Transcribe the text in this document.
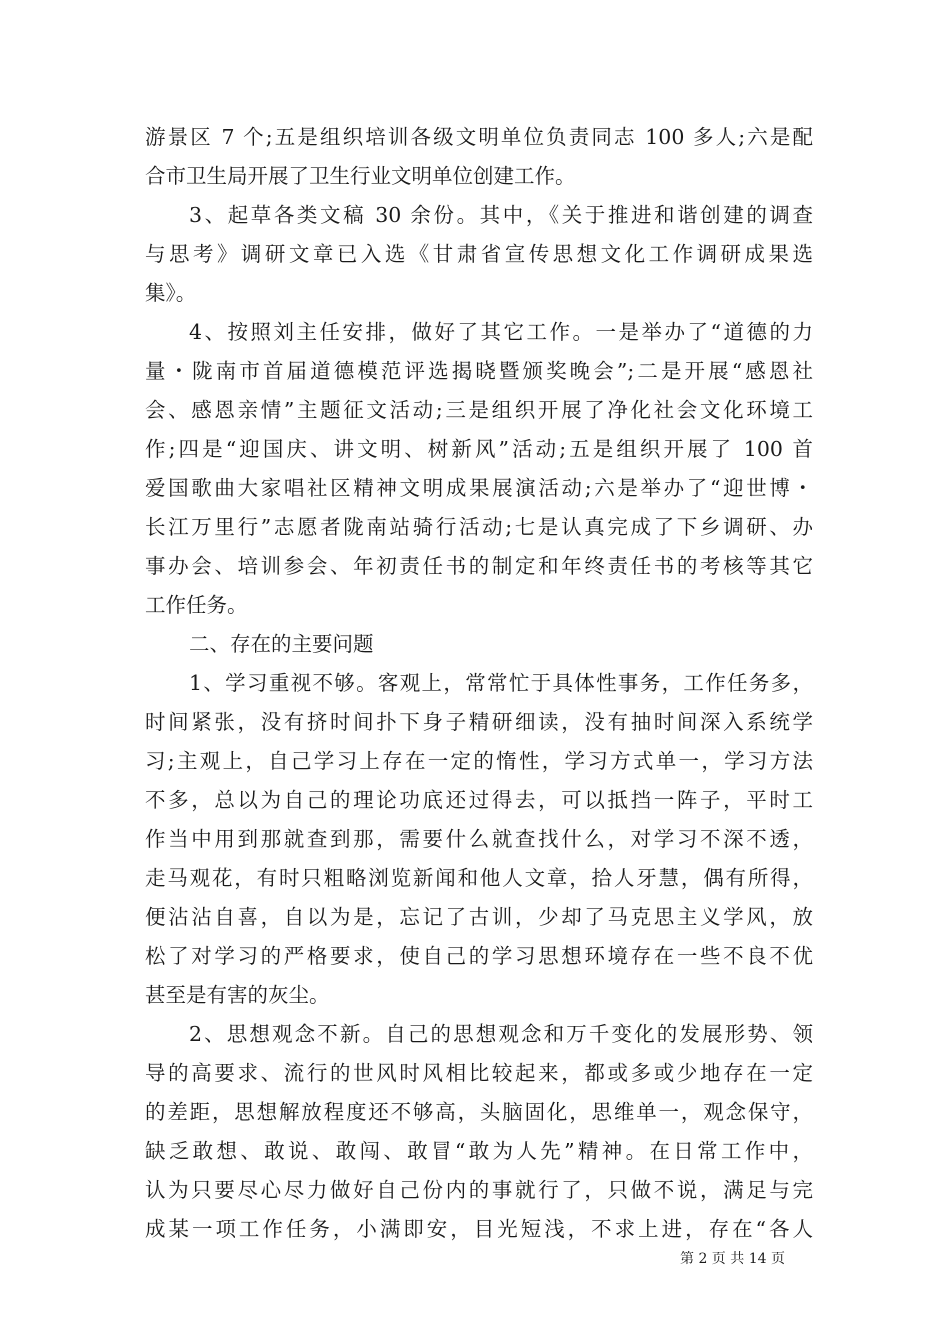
游景区 7 个;五是组织培训各级文明单位负责同志 100 多人;六是配
合市卫生局开展了卫生行业文明单位创建工作。
3、起草各类文稿 30 余份。其中，《关于推进和谐创建的调查
与思考》调研文章已入选《甘肃省宣传思想文化工作调研成果选
集》。
4、按照刘主任安排，做好了其它工作。一是举办了“道德的力
量・陇南市首届道德模范评选揭晓暨颁奖晚会”;二是开展“感恩社
会、感恩亲情”主题征文活动;三是组织开展了净化社会文化环境工
作;四是“迎国庆、讲文明、树新风”活动;五是组织开展了 100 首
爱国歌曲大家唱社区精神文明成果展演活动;六是举办了“迎世博・
长江万里行”志愿者陇南站骑行活动;七是认真完成了下乡调研、办
事办会、培训参会、年初责任书的制定和年终责任书的考核等其它
工作任务。
二、存在的主要问题
1、学习重视不够。客观上，常常忙于具体性事务，工作任务多，
时间紧张，没有挤时间扑下身子精研细读，没有抽时间深入系统学
习;主观上，自己学习上存在一定的惰性，学习方式单一，学习方法
不多，总以为自己的理论功底还过得去，可以抵挡一阵子，平时工
作当中用到那就查到那，需要什么就查找什么，对学习不深不透，
走马观花，有时只粗略浏览新闻和他人文章，拾人牙慧，偶有所得，
便沾沾自喜，自以为是，忘记了古训，少却了马克思主义学风，放
松了对学习的严格要求，使自己的学习思想环境存在一些不良不优
甚至是有害的灰尘。
2、思想观念不新。自己的思想观念和万千变化的发展形势、领
导的高要求、流行的世风时风相比较起来，都或多或少地存在一定
的差距，思想解放程度还不够高，头脑固化，思维单一，观念保守，
缺乏敢想、敢说、敢闯、敢冒“敢为人先”精神。在日常工作中，
认为只要尽心尽力做好自己份内的事就行了，只做不说，满足与完
成某一项工作任务，小满即安，目光短浅，不求上进，存在“各人
第 2 页 共 14 页
